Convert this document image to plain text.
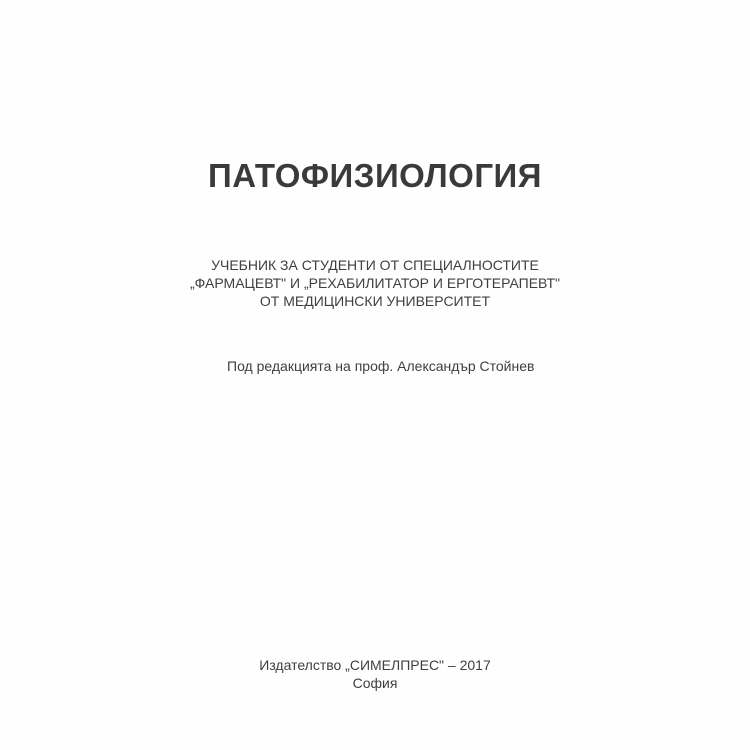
ПАТОФИЗИОЛОГИЯ
УЧЕБНИК ЗА СТУДЕНТИ ОТ СПЕЦИАЛНОСТИТЕ
„ФАРМАЦЕВТ" И „РЕХАБИЛИТАТОР И ЕРГОТЕРАПЕВТ"
ОТ МЕДИЦИНСКИ УНИВЕРСИТЕТ
Под редакцията на проф. Александър Стойнев
Издателство „СИМЕЛПРЕС" – 2017
София
